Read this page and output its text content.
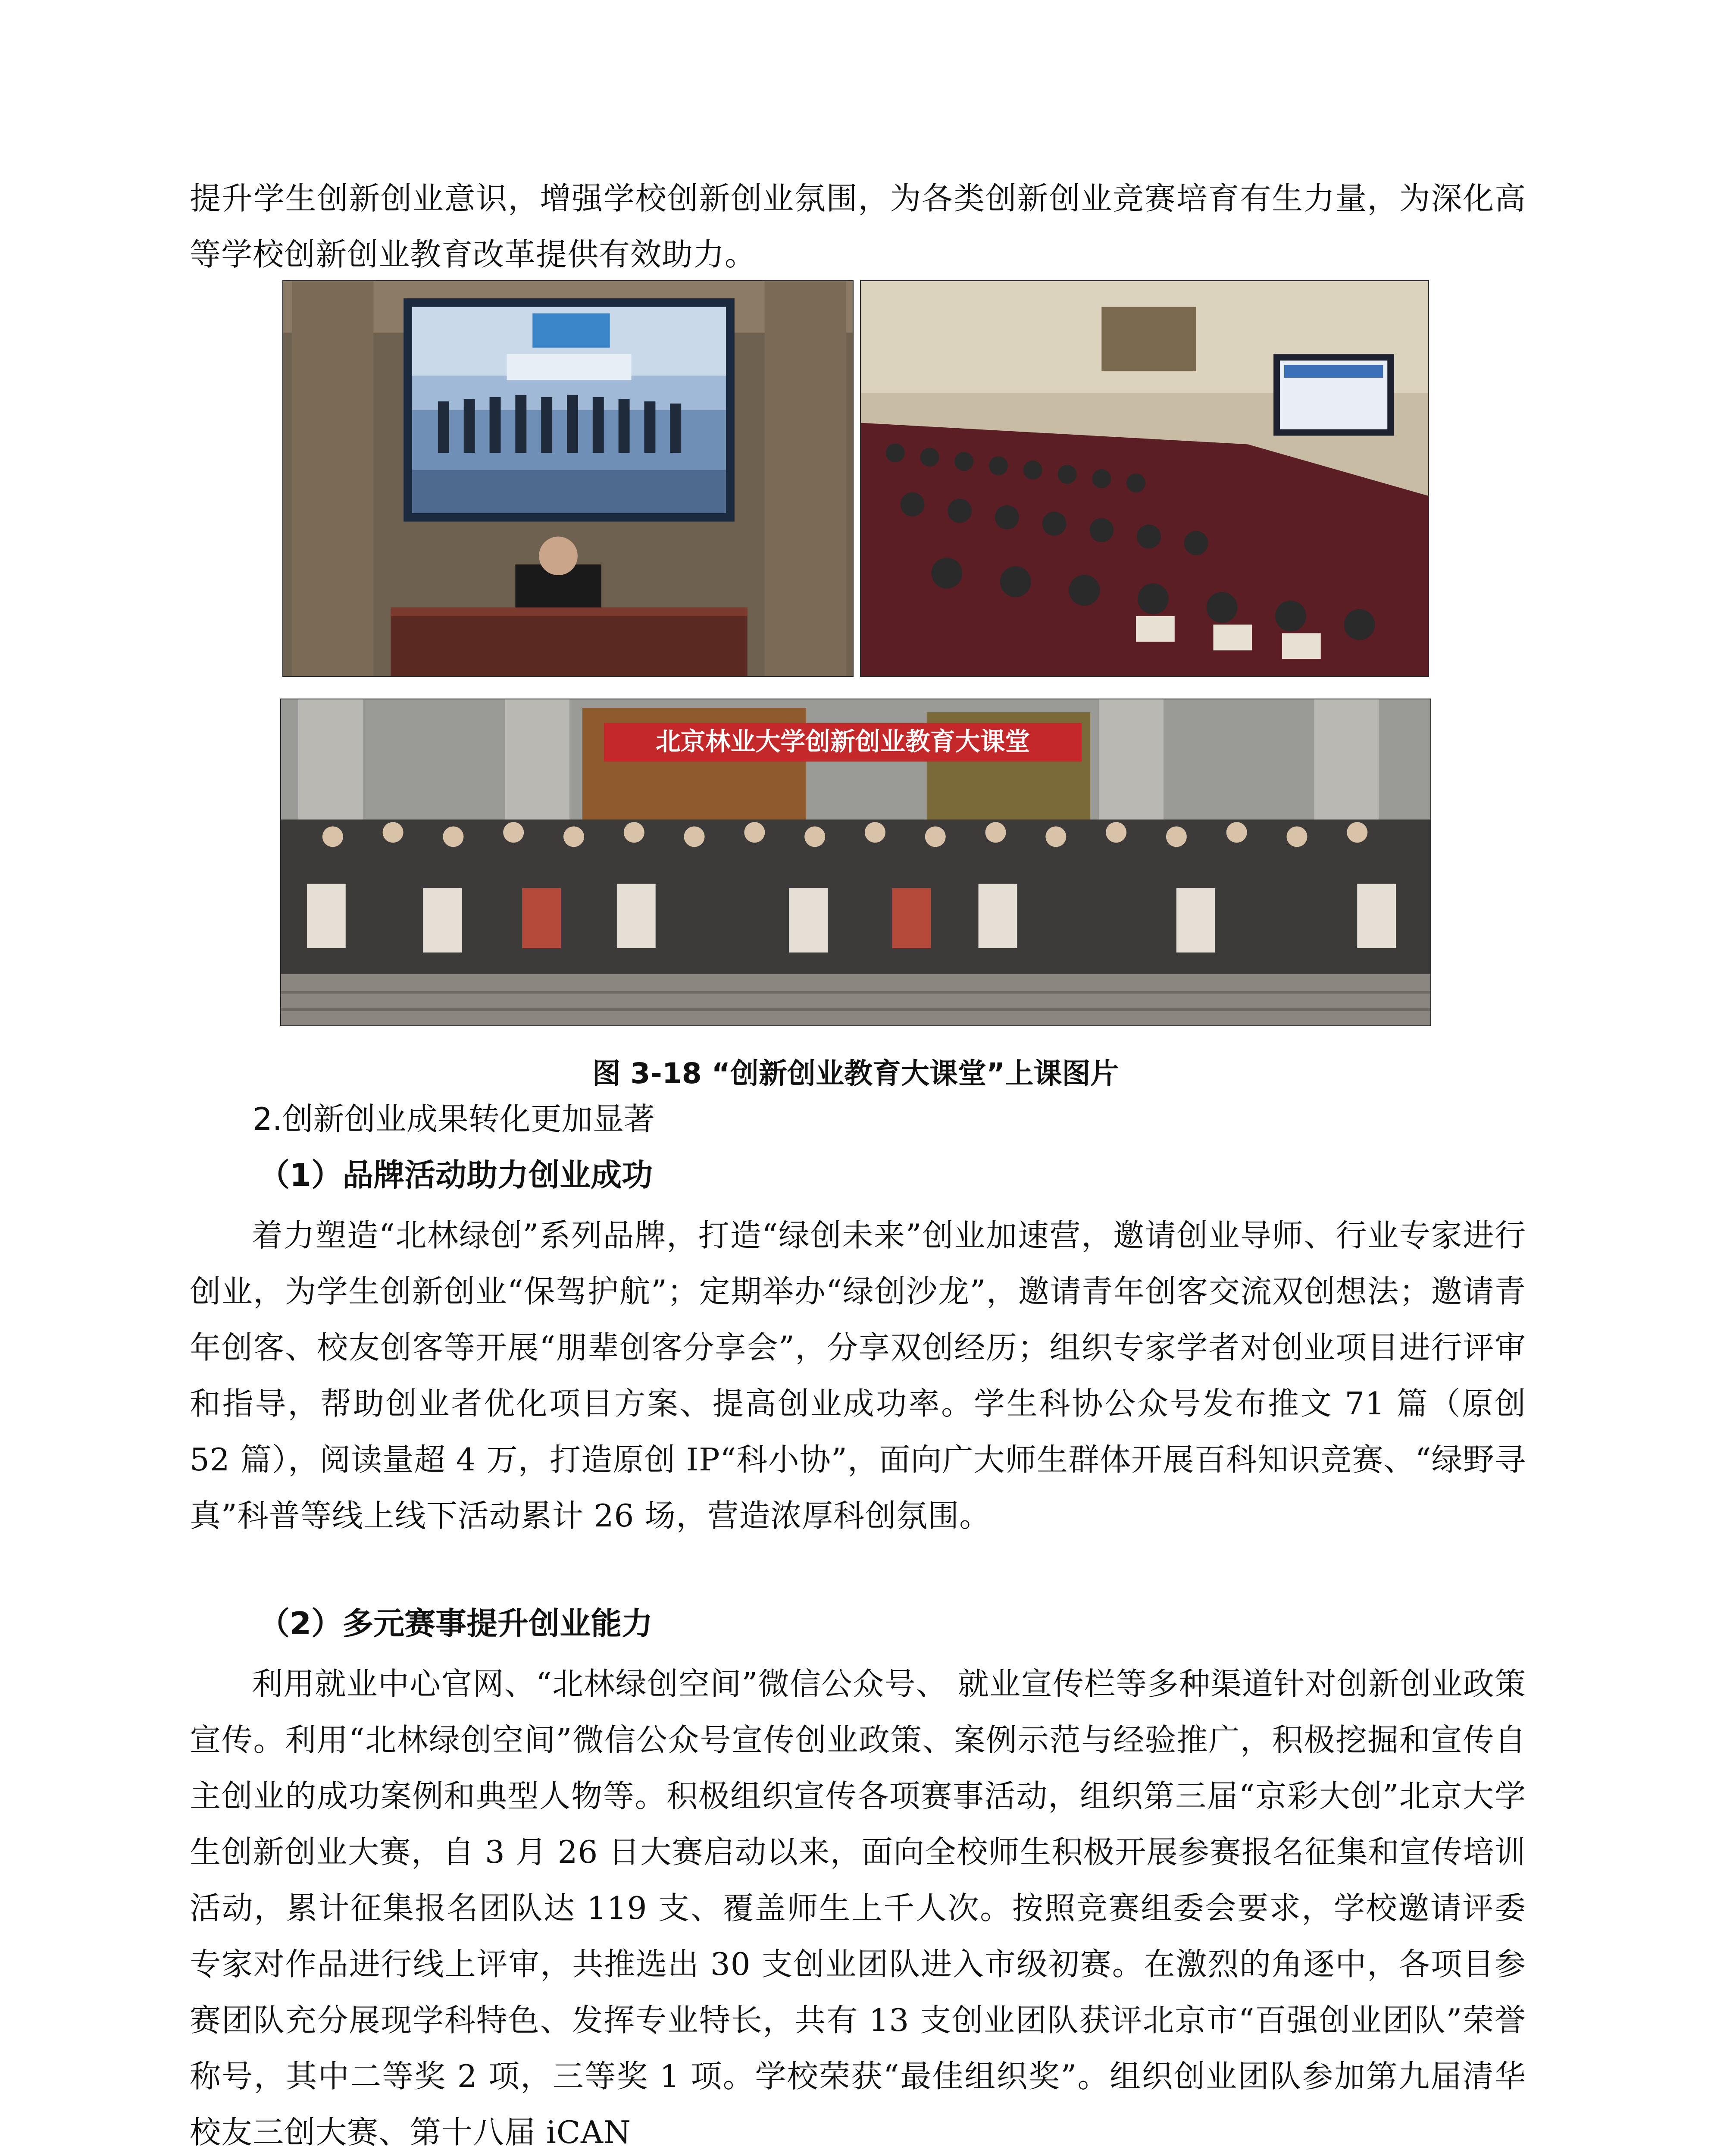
提升学生创新创业意识，增强学校创新创业氛围，为各类创新创业竞赛培育有生力量，为深化高等学校创新创业教育改革提供有效助力。

北京林业大学创新创业教育大课堂
图 3-18 “创新创业教育大课堂”上课图片
2.创新创业成果转化更加显著
（1）品牌活动助力创业成功
着力塑造“北林绿创”系列品牌，打造“绿创未来”创业加速营，邀请创业导师、行业专家进行创业，为学生创新创业“保驾护航”；定期举办“绿创沙龙”，邀请青年创客交流双创想法；邀请青年创客、校友创客等开展“朋辈创客分享会”，分享双创经历；组织专家学者对创业项目进行评审和指导，帮助创业者优化项目方案、提高创业成功率。学生科协公众号发布推文 71 篇（原创 52 篇），阅读量超 4 万，打造原创 IP“科小协”，面向广大师生群体开展百科知识竞赛、“绿野寻真”科普等线上线下活动累计 26 场，营造浓厚科创氛围。
（2）多元赛事提升创业能力
利用就业中心官网、“北林绿创空间”微信公众号、 就业宣传栏等多种渠道针对创新创业政策宣传。利用“北林绿创空间”微信公众号宣传创业政策、案例示范与经验推广，积极挖掘和宣传自主创业的成功案例和典型人物等。积极组织宣传各项赛事活动，组织第三届“京彩大创”北京大学生创新创业大赛，自 3 月 26 日大赛启动以来，面向全校师生积极开展参赛报名征集和宣传培训活动，累计征集报名团队达 119 支、覆盖师生上千人次。按照竞赛组委会要求，学校邀请评委专家对作品进行线上评审，共推选出 30 支创业团队进入市级初赛。在激烈的角逐中，各项目参赛团队充分展现学科特色、发挥专业特长，共有 13 支创业团队获评北京市“百强创业团队”荣誉称号，其中二等奖 2 项，三等奖 1 项。学校荣获“最佳组织奖”。组织创业团队参加第九届清华校友三创大赛、第十八届 iCAN
